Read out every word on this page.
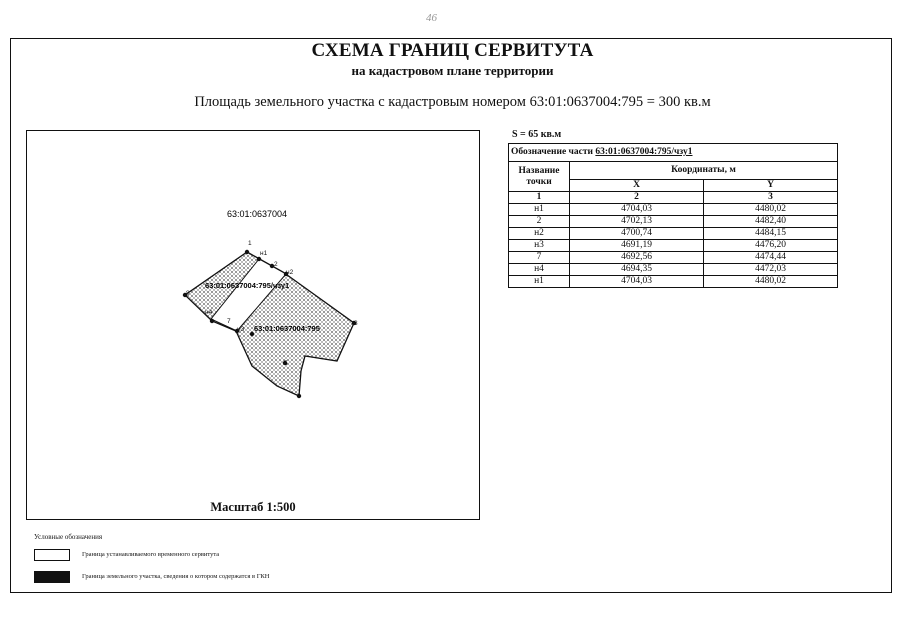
46
СХЕМА ГРАНИЦ СЕРВИТУТА
на кадастровом плане территории
Площадь земельного участка с кадастровым номером 63:01:0637004:795 = 300 кв.м
63:01:0637004
1
н1
2
н2
3
н3
7
н4
8
5
63:01:0637004:795/чзу1
63:01:0637004:795
Масштаб 1:500
S = 65 кв.м
Обозначение части 63:01:0637004:795/чзу1		
Название точки	Координаты, м	
	X	Y
1	2	3
н1	4704,03	4480,02
2	4702,13	4482,40
н2	4700,74	4484,15
н3	4691,19	4476,20
7	4692,56	4474,44
н4	4694,35	4472,03
н1	4704,03	4480,02
Условные обозначения
Граница устанавливаемого временного сервитута
Граница земельного участка, сведения о котором содержатся в ГКН
